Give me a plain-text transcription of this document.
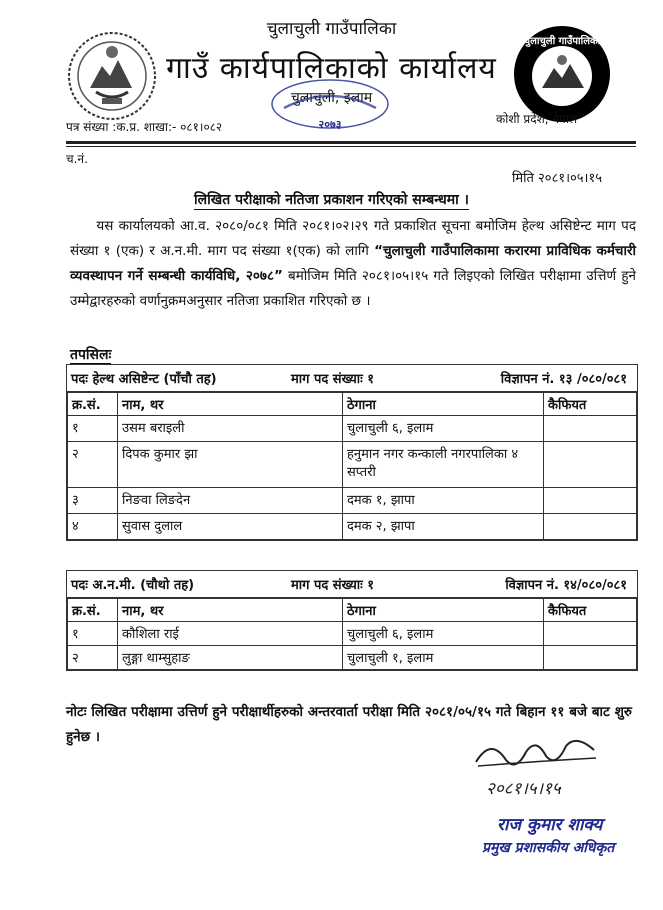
चुलाचुली गाउँपालिका
गाउँ कार्यपालिकाको कार्यालय
चुलाचुली, इलाम
२०७३
चुलाचुली गाउँपालिका
पत्र संख्या :क.प्र. शाखा:- ०८१।०८२
कोशी प्रदेश, नेपाल
च.नं.
मिति २०८१।०५।१५
लिखित परीक्षाको नतिजा प्रकाशन गरिएको सम्बन्धमा ।
यस कार्यालयको आ.व. २०८०/०८१ मिति २०८१।०२।२९ गते प्रकाशित सूचना बमोजिम हेल्थ असिष्टेन्ट माग पद संख्या १ (एक) र अ.न.मी. माग पद संख्या १(एक) को लागि “चुलाचुली गाउँपालिकामा करारमा प्राविधिक कर्मचारी व्यवस्थापन गर्ने सम्बन्धी कार्यविधि, २०७८” बमोजिम मिति २०८१।०५।१५ गते लिइएको लिखित परीक्षामा उत्तिर्ण हुने उम्मेद्वारहरुको वर्णानुक्रमअनुसार नतिजा प्रकाशित गरिएको छ ।
तपसिलः
पदः हेल्थ असिष्टेन्ट (पाँचौ तह)	माग पद संख्याः १	विज्ञापन नं. १३ /०८०/०८१
क्र.सं.	नाम, थर	ठेगाना	कैफियत
१	उसम बराइली	चुलाचुली ६, इलाम	
२	दिपक कुमार झा	हनुमान नगर कन्काली नगरपालिका ४ सप्तरी	
३	निङवा लिङदेन	दमक १, झापा	
४	सुवास दुलाल	दमक २, झापा	
पदः अ.न.मी. (चौथो तह)	माग पद संख्याः १	विज्ञापन नं. १४/०८०/०८१
क्र.सं.	नाम, थर	ठेगाना	कैफियत
१	कौशिला राई	चुलाचुली ६, इलाम	
२	लुङ्गा थाम्सुहाङ	चुलाचुली १, इलाम	
नोटः लिखित परीक्षामा उत्तिर्ण हुने परीक्षार्थीहरुको अन्तरवार्ता परीक्षा मिति २०८१/०५/१५ गते बिहान ११ बजे बाट शुरु हुनेछ ।
२०८१।५।१५
राज कुमार शाक्य
प्रमुख प्रशासकीय अधिकृत
